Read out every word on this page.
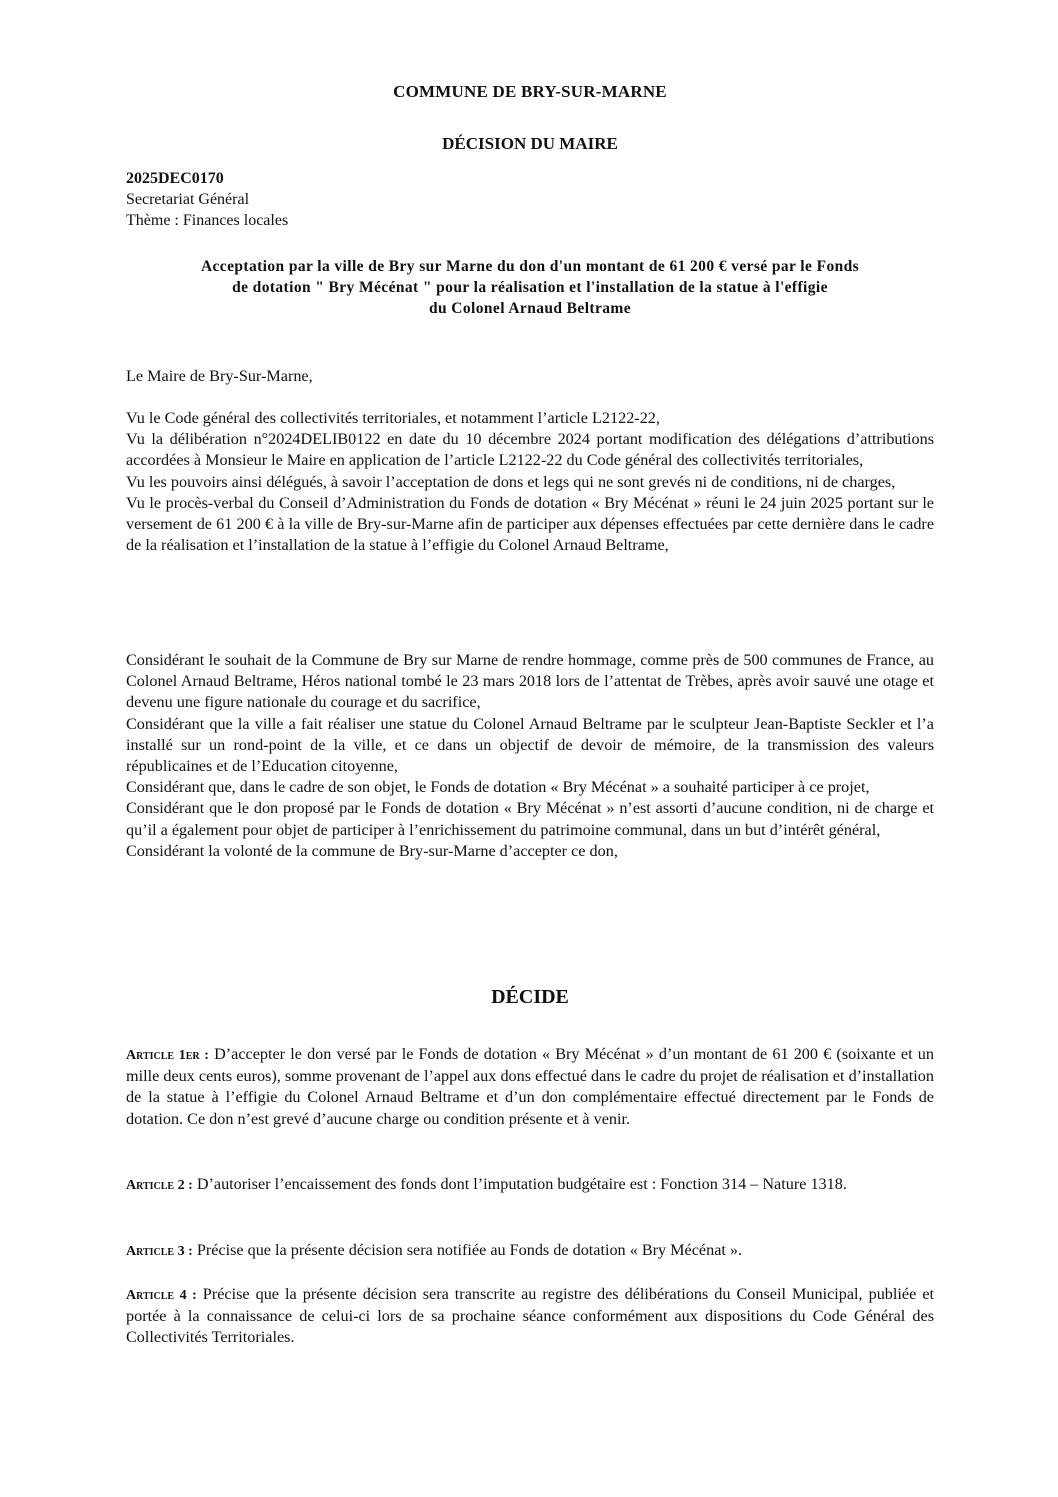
COMMUNE DE BRY-SUR-MARNE
DÉCISION DU MAIRE
2025DEC0170
Secretariat Général
Thème : Finances locales
Acceptation par la ville de Bry sur Marne du don d'un montant de 61 200 € versé par le Fonds
de dotation " Bry Mécénat " pour la réalisation et l'installation de la statue à l'effigie
du Colonel Arnaud Beltrame

Le Maire de Bry-Sur-Marne,

Vu le Code général des collectivités territoriales, et notamment l’article L2122-22,

Vu la délibération n°2024DELIB0122 en date du 10 décembre 2024 portant modification des délégations d’attributions accordées à Monsieur le Maire en application de l’article L2122-22 du Code général des collectivités territoriales,

Vu les pouvoirs ainsi délégués, à savoir l’acceptation de dons et legs qui ne sont grevés ni de conditions, ni de charges,

Vu le procès-verbal du Conseil d’Administration du Fonds de dotation « Bry Mécénat » réuni le 24 juin 2025 portant sur le versement de 61 200 € à la ville de Bry-sur-Marne afin de participer aux dépenses effectuées par cette dernière dans le cadre de la réalisation et l’installation de la statue à l’effigie du Colonel Arnaud Beltrame,

Considérant le souhait de la Commune de Bry sur Marne de rendre hommage, comme près de 500 communes de France, au Colonel Arnaud Beltrame, Héros national tombé le 23 mars 2018 lors de l’attentat de Trèbes, après avoir sauvé une otage et devenu une figure nationale du courage et du sacrifice,

Considérant que la ville a fait réaliser une statue du Colonel Arnaud Beltrame par le sculpteur Jean-Baptiste Seckler et l’a installé sur un rond-point de la ville, et ce dans un objectif de devoir de mémoire, de la transmission des valeurs républicaines et de l’Education citoyenne,

Considérant que, dans le cadre de son objet, le Fonds de dotation « Bry Mécénat » a souhaité participer à ce projet,

Considérant que le don proposé par le Fonds de dotation « Bry Mécénat » n’est assorti d’aucune condition, ni de charge et qu’il a également pour objet de participer à l’enrichissement du patrimoine communal, dans un but d’intérêt général,

Considérant la volonté de la commune de Bry-sur-Marne d’accepter ce don,

DÉCIDE

Article 1er : D’accepter le don versé par le Fonds de dotation « Bry Mécénat » d’un montant de 61 200 € (soixante et un mille deux cents euros), somme provenant de l’appel aux dons effectué dans le cadre du projet de réalisation et d’installation de la statue à l’effigie du Colonel Arnaud Beltrame et d’un don complémentaire effectué directement par le Fonds de dotation. Ce don n’est grevé d’aucune charge ou condition présente et à venir.

Article 2 : D’autoriser l’encaissement des fonds dont l’imputation budgétaire est : Fonction 314 – Nature 1318.

Article 3 : Précise que la présente décision sera notifiée au Fonds de dotation « Bry Mécénat ».

Article 4 : Précise que la présente décision sera transcrite au registre des délibérations du Conseil Municipal, publiée et portée à la connaissance de celui-ci lors de sa prochaine séance conformément aux dispositions du Code Général des Collectivités Territoriales.
